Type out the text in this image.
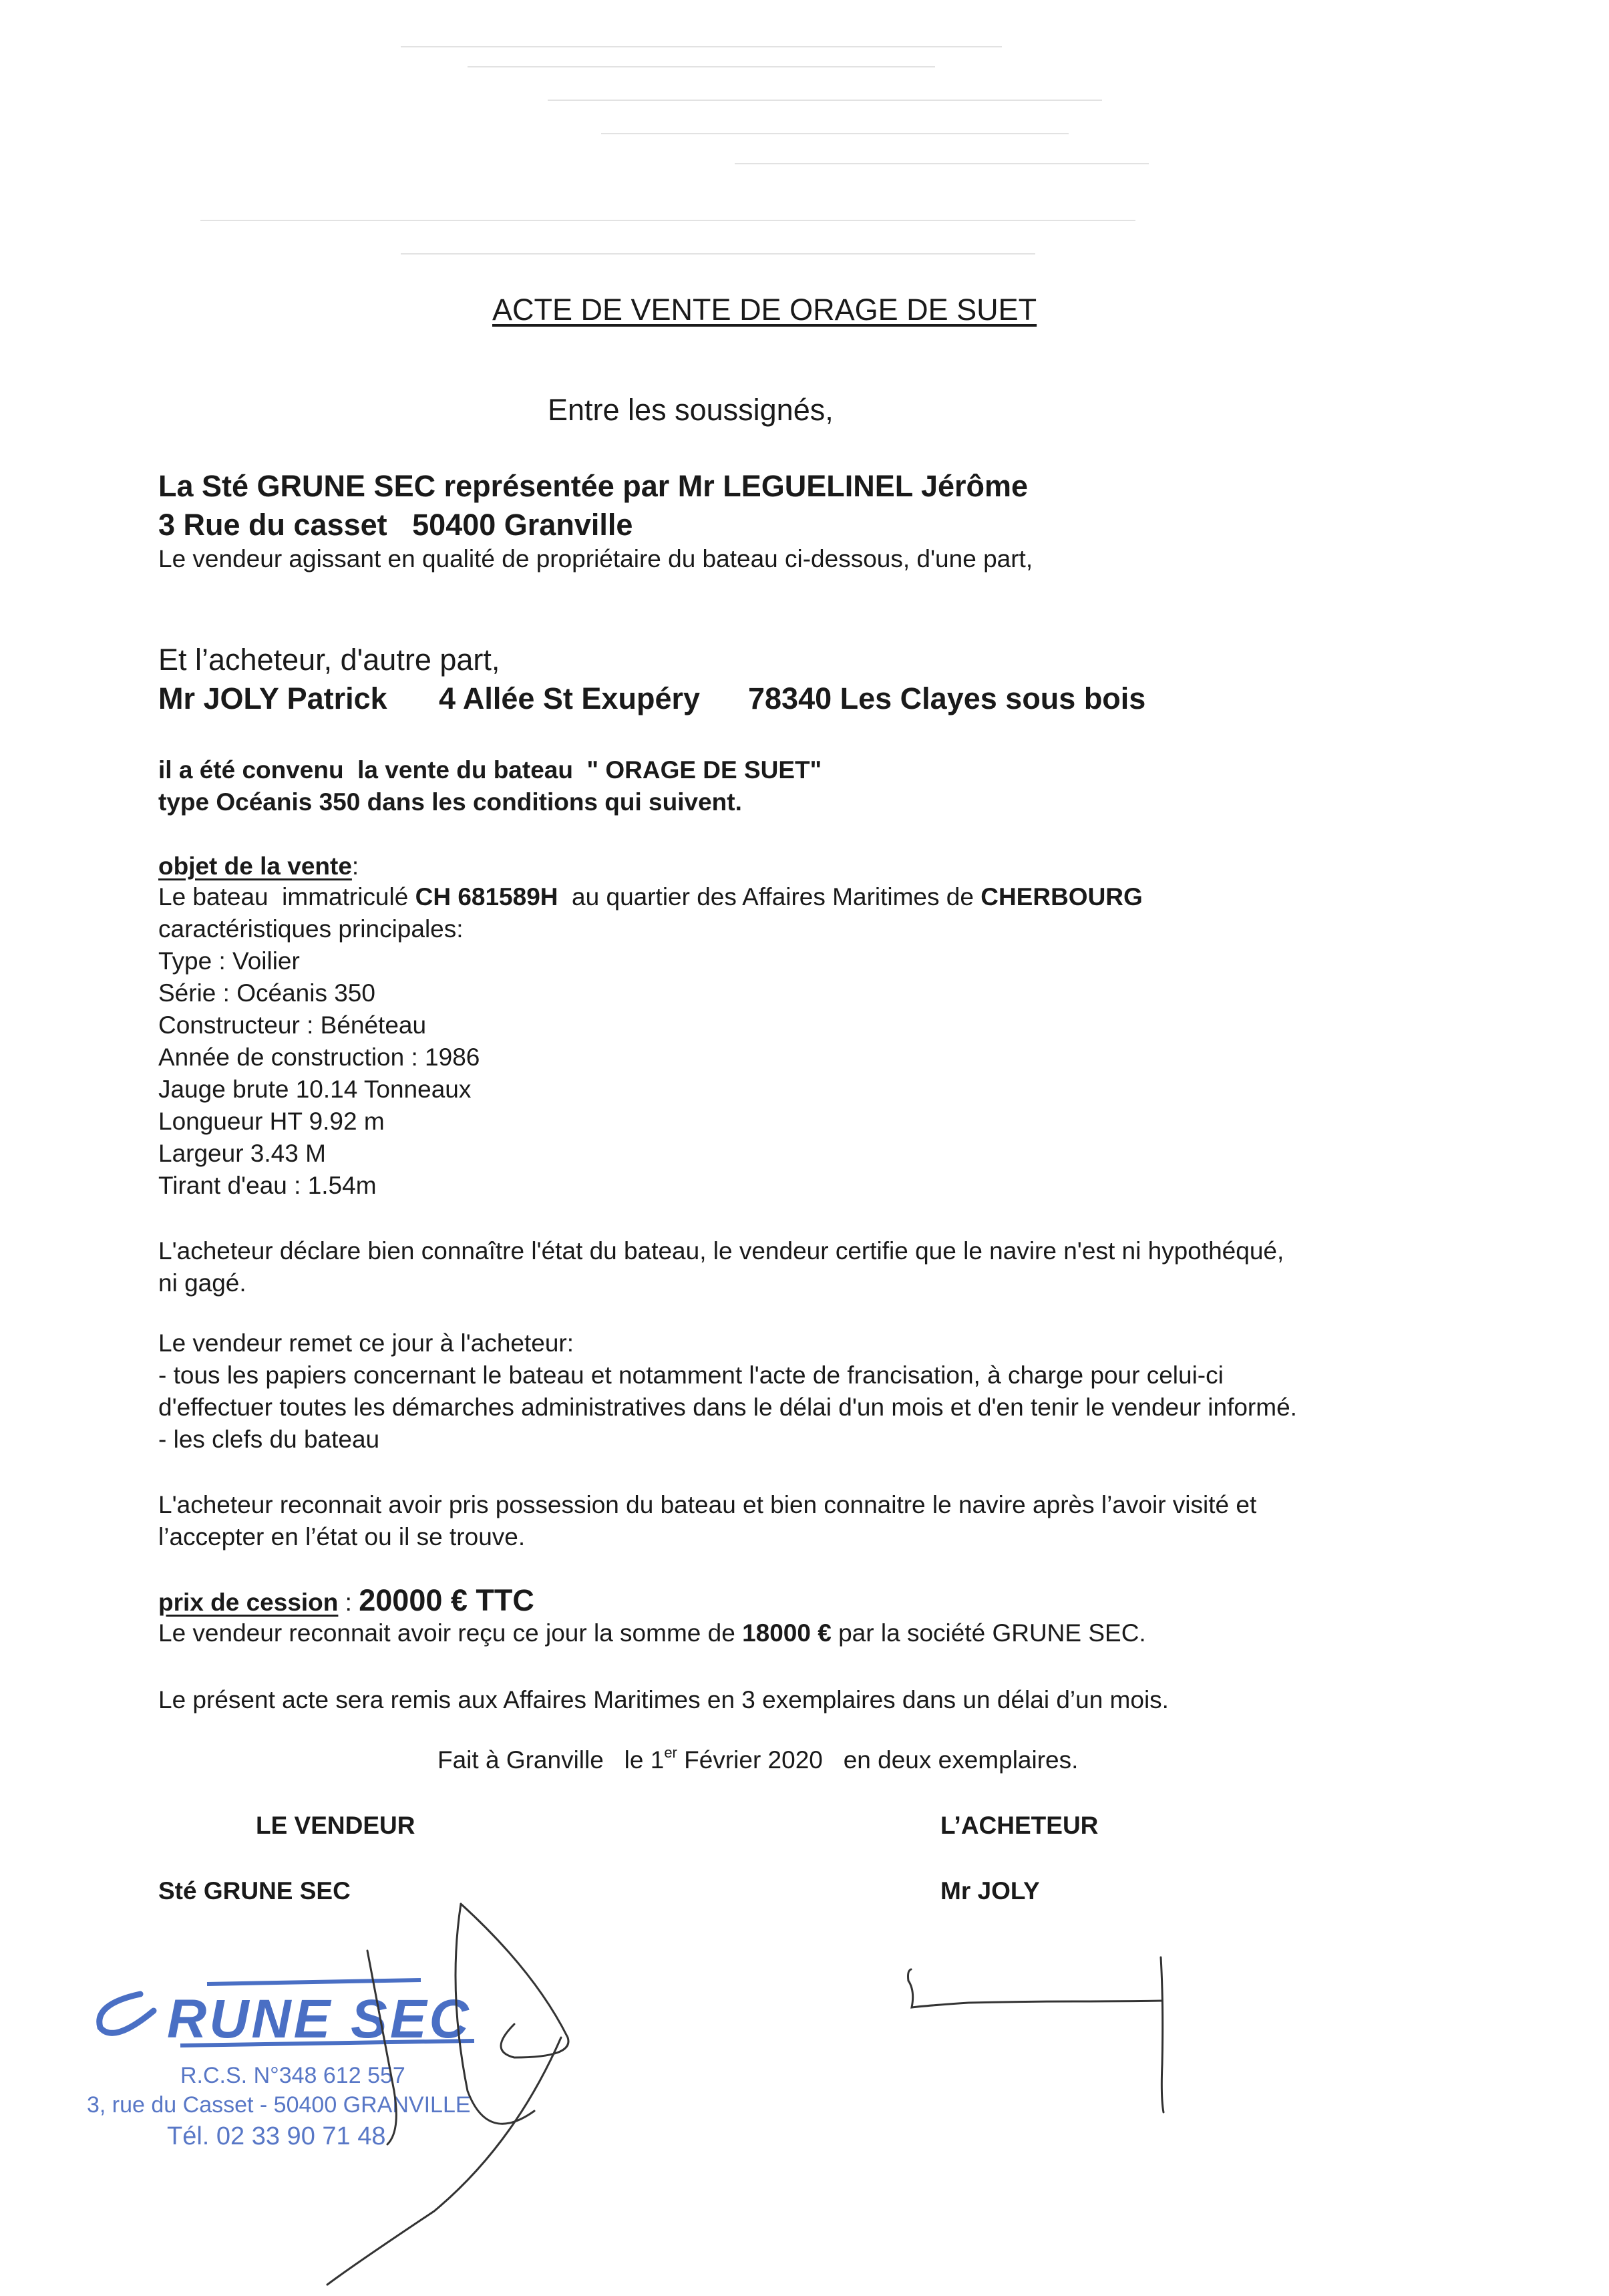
ACTE DE VENTE DE ORAGE DE SUET
Entre les soussignés,
La Sté GRUNE SEC représentée par Mr LEGUELINEL Jérôme
3 Rue du casset   50400 Granville
Le vendeur agissant en qualité de propriétaire du bateau ci-dessous, d'une part,
Et l’acheteur, d'autre part,
Mr JOLY Patrick 4 Allée St Exupéry 78340 Les Clayes sous bois
il a été convenu  la vente du bateau  " ORAGE DE SUET"
type Océanis 350 dans les conditions qui suivent.
objet de la vente:
Le bateau  immatriculé CH 681589H  au quartier des Affaires Maritimes de CHERBOURG
caractéristiques principales:
Type : Voilier
Série : Océanis 350
Constructeur : Bénéteau
Année de construction : 1986
Jauge brute 10.14 Tonneaux
Longueur HT 9.92 m
Largeur 3.43 M
Tirant d'eau : 1.54m
L'acheteur déclare bien connaître l'état du bateau, le vendeur certifie que le navire n'est ni hypothéqué,
ni gagé.
Le vendeur remet ce jour à l'acheteur:
- tous les papiers concernant le bateau et notamment l'acte de francisation, à charge pour celui-ci
d'effectuer toutes les démarches administratives dans le délai d'un mois et d'en tenir le vendeur informé.
- les clefs du bateau
L'acheteur reconnait avoir pris possession du bateau et bien connaitre le navire après l’avoir visité et
l’accepter en l’état ou il se trouve.
prix de cession : 20000 € TTC
Le vendeur reconnait avoir reçu ce jour la somme de 18000 € par la société GRUNE SEC.
Le présent acte sera remis aux Affaires Maritimes en 3 exemplaires dans un délai d’un mois.
Fait à Granville   le 1er Février 2020   en deux exemplaires.
LE VENDEUR	L’ACHETEUR
Sté GRUNE SEC	Mr JOLY
RUNE SEC
R.C.S. N°348 612 557
3, rue du Casset - 50400 GRANVILLE
Tél. 02 33 90 71 48
